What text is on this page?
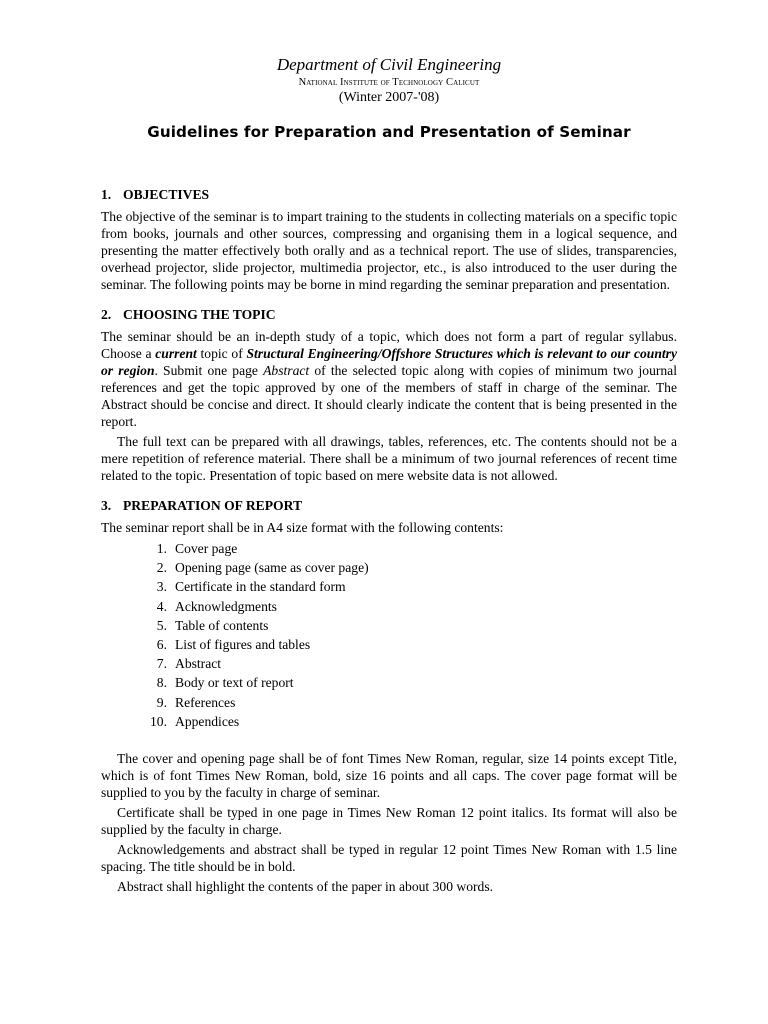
Department of Civil Engineering
National Institute of Technology Calicut
(Winter 2007-'08)
Guidelines for Preparation and Presentation of Seminar
1. OBJECTIVES

The objective of the seminar is to impart training to the students in collecting materials on a specific topic from books, journals and other sources, compressing and organising them in a logical sequence, and presenting the matter effectively both orally and as a technical report. The use of slides, transparencies, overhead projector, slide projector, multimedia projector, etc., is also introduced to the user during the seminar. The following points may be borne in mind regarding the seminar preparation and presentation.

2. CHOOSING THE TOPIC

The seminar should be an in-depth study of a topic, which does not form a part of regular syllabus. Choose a current topic of Structural Engineering/Offshore Structures which is relevant to our country or region. Submit one page Abstract of the selected topic along with copies of minimum two journal references and get the topic approved by one of the members of staff in charge of the seminar. The Abstract should be concise and direct. It should clearly indicate the content that is being presented in the report.

The full text can be prepared with all drawings, tables, references, etc. The contents should not be a mere repetition of reference material. There shall be a minimum of two journal references of recent time related to the topic. Presentation of topic based on mere website data is not allowed.

3. PREPARATION OF REPORT

The seminar report shall be in A4 size format with the following contents:

1. Cover page
2. Opening page (same as cover page)
3. Certificate in the standard form
4. Acknowledgments
5. Table of contents
6. List of figures and tables
7. Abstract
8. Body or text of report
9. References
10. Appendices

The cover and opening page shall be of font Times New Roman, regular, size 14 points except Title, which is of font Times New Roman, bold, size 16 points and all caps. The cover page format will be supplied to you by the faculty in charge of seminar.

Certificate shall be typed in one page in Times New Roman 12 point italics. Its format will also be supplied by the faculty in charge.

Acknowledgements and abstract shall be typed in regular 12 point Times New Roman with 1.5 line spacing. The title should be in bold.

Abstract shall highlight the contents of the paper in about 300 words.
